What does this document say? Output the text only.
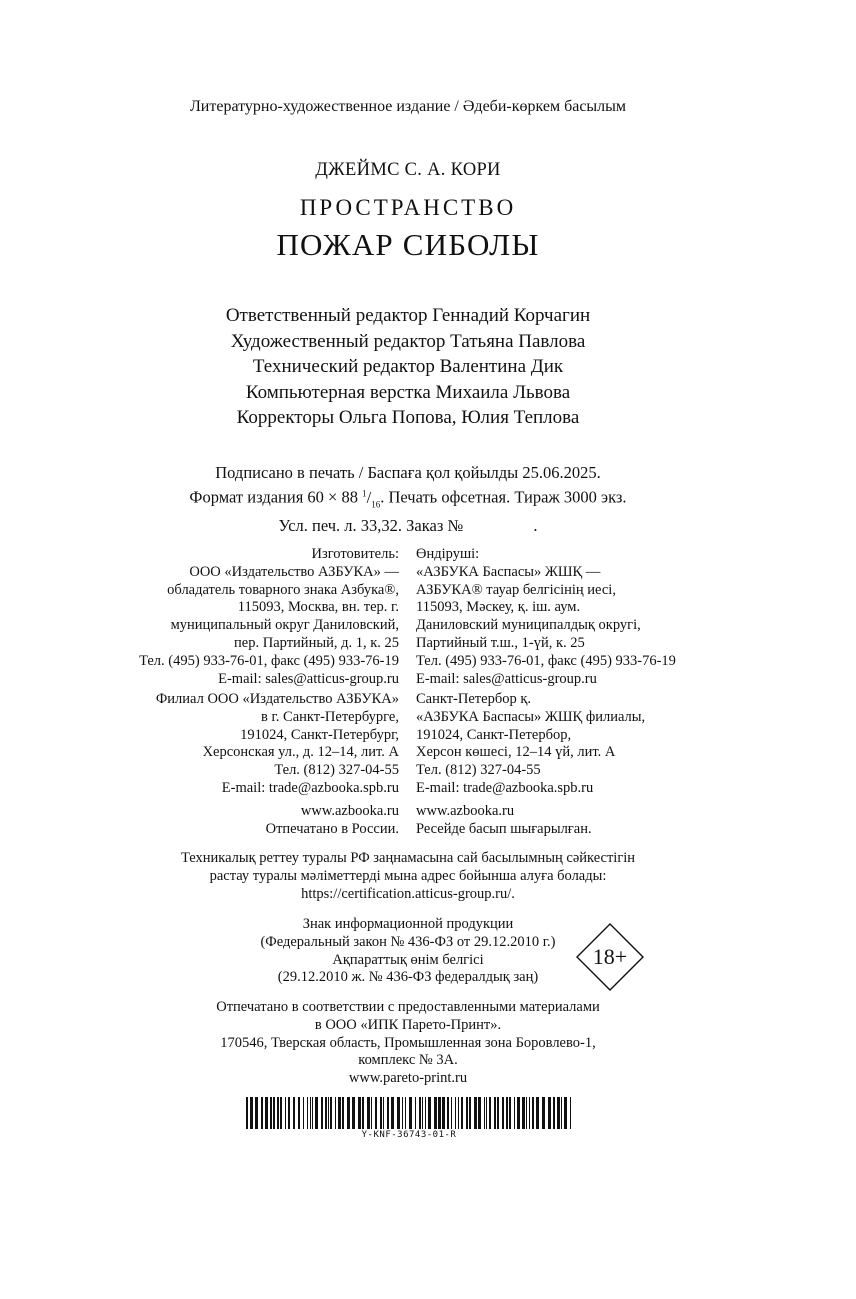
Литературно-художественное издание / Әдеби-көркем басылым
ДЖЕЙМС С. А. КОРИ
ПРОСТРАНСТВО
ПОЖАР СИБОЛЫ
Ответственный редактор Геннадий Корчагин
Художественный редактор Татьяна Павлова
Технический редактор Валентина Дик
Компьютерная верстка Михаила Львова
Корректоры Ольга Попова, Юлия Теплова
Подписано в печать / Баспаға қол қойылды 25.06.2025.
Формат издания 60 × 88 $^1/_{16}$. Печать офсетная. Тираж 3000 экз.
Усл. печ. л. 33,32. Заказ №                 .
Изготовитель:
ООО «Издательство АЗБУКА» —
обладатель товарного знака Азбука®,
115093, Москва, вн. тер. г.
муниципальный округ Даниловский,
пер. Партийный, д. 1, к. 25
Тел. (495) 933-76-01, факс (495) 933-76-19
E-mail: sales@atticus-group.ru
Өндіруші:
«АЗБУКА Баспасы» ЖШҚ —
АЗБУКА® тауар белгісінің иесі,
115093, Мәскеу, қ. іш. аум.
Даниловский муниципалдық округі,
Партийный т.ш., 1-үй, к. 25
Тел. (495) 933-76-01, факс (495) 933-76-19
E-mail: sales@atticus-group.ru
Филиал ООО «Издательство АЗБУКА»
в г. Санкт-Петербурге,
191024, Санкт-Петербург,
Херсонская ул., д. 12–14, лит. А
Тел. (812) 327-04-55
E-mail: trade@azbooka.spb.ru
Санкт-Петербор қ.
«АЗБУКА Баспасы» ЖШҚ филиалы,
191024, Санкт-Петербор,
Херсон көшесі, 12–14 үй, лит. А
Тел. (812) 327-04-55
E-mail: trade@azbooka.spb.ru
www.azbooka.ru
Отпечатано в России.
www.azbooka.ru
Ресейде басып шығарылған.
Техникалық реттеу туралы РФ заңнамасына сай басылымның сәйкестігін
растау туралы мәліметтерді мына адрес бойынша алуға болады:
https://certification.atticus-group.ru/.
Знак информационной продукции
(Федеральный закон № 436-ФЗ от 29.12.2010 г.)
Ақпараттық өнім белгісі
(29.12.2010 ж. № 436-ФЗ федералдық заң)
18+
Отпечатано в соответствии с предоставленными материалами
в ООО «ИПК Парето-Принт».
170546, Тверская область, Промышленная зона Боровлево-1,
комплекс № 3А.
www.pareto-print.ru
Y-KNF-36743-01-R
